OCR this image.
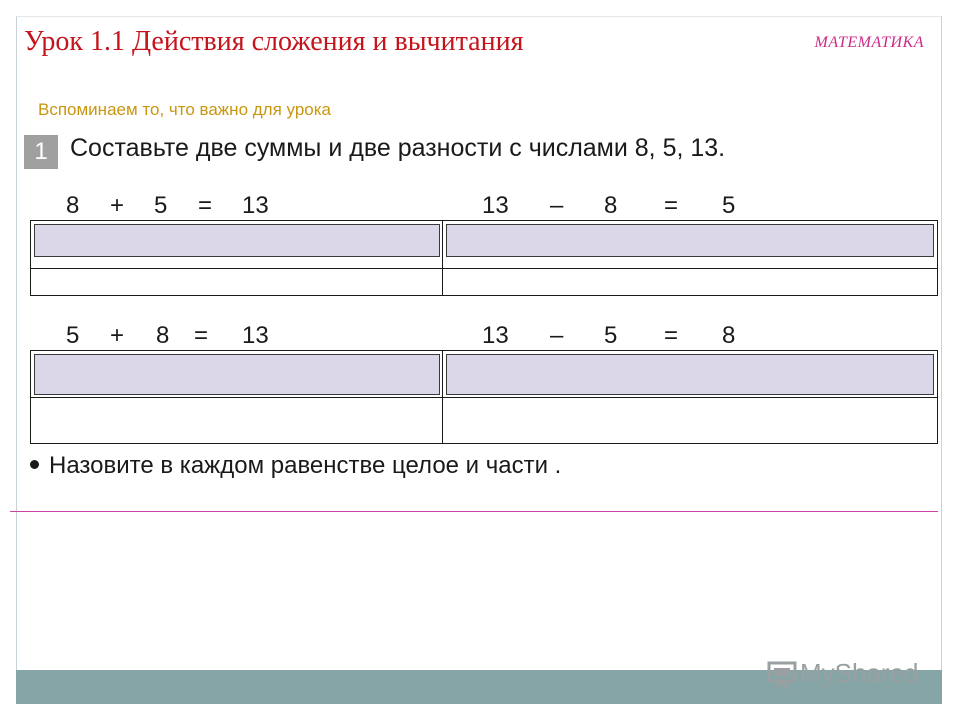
Урок 1.1 Действия сложения и вычитания	МАТЕМАТИКА
Вспоминаем то, что важно для урока
1 Составьте две суммы и две разности с числами 8, 5, 13.
8 + 5 = 13	13 – 8 = 5
5 + 8 = 13	13 – 5 = 8
Назовите в каждом равенстве целое и части .
MyShared
